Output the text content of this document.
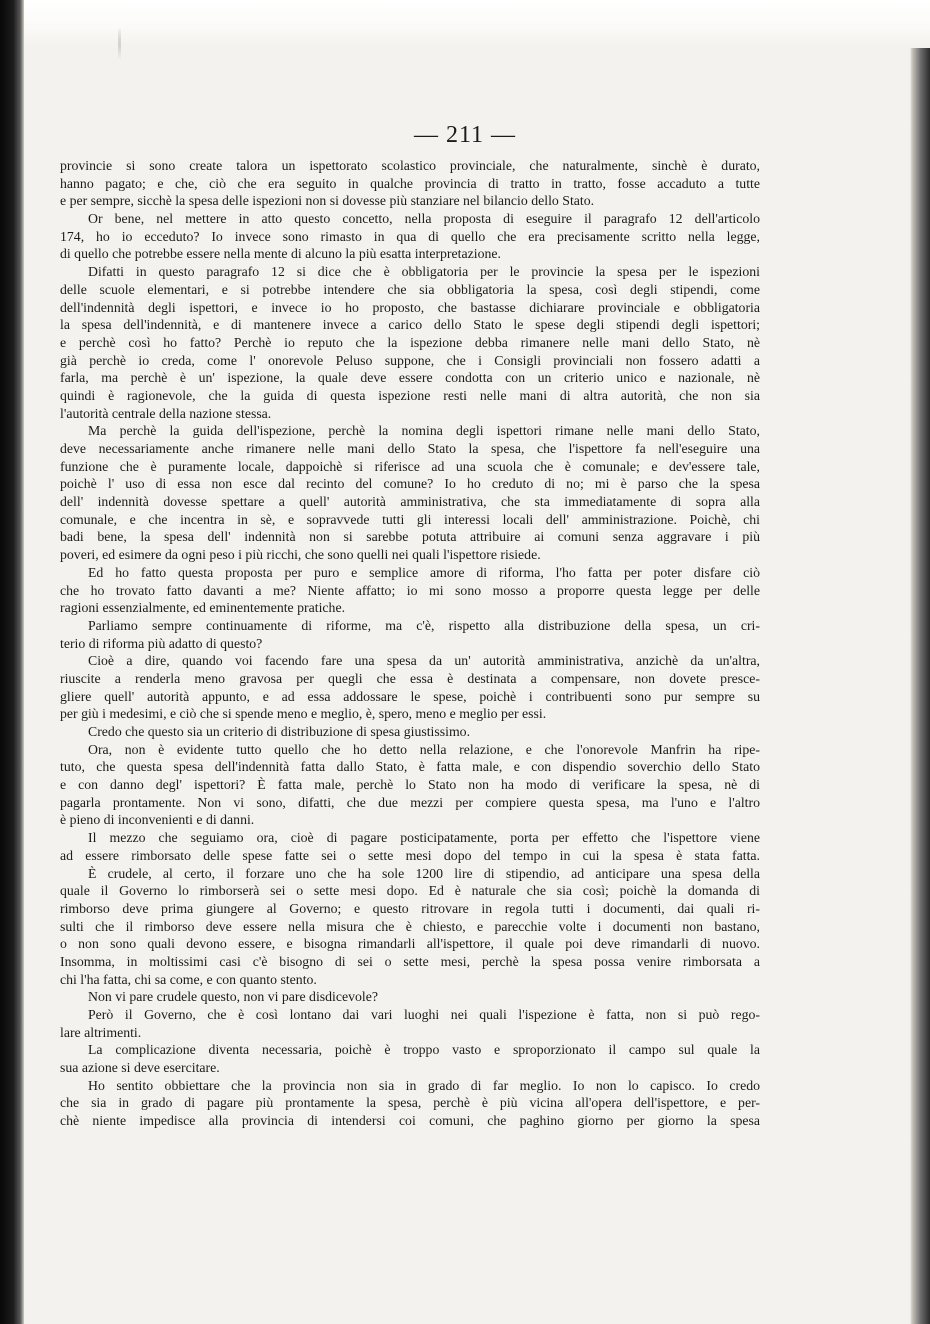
— 211 —
provincie si sono create talora un ispettorato scolastico provinciale, che naturalmente, sinchè è durato,
hanno pagato; e che, ciò che era seguito in qualche provincia di tratto in tratto, fosse accaduto a tutte
e per sempre, sicchè la spesa delle ispezioni non si dovesse più stanziare nel bilancio dello Stato.
Or bene, nel mettere in atto questo concetto, nella proposta di eseguire il paragrafo 12 dell'articolo
174, ho io ecceduto? Io invece sono rimasto in qua di quello che era precisamente scritto nella legge,
di quello che potrebbe essere nella mente di alcuno la più esatta interpretazione.
Difatti in questo paragrafo 12 si dice che è obbligatoria per le provincie la spesa per le ispezioni
delle scuole elementari, e si potrebbe intendere che sia obbligatoria la spesa, così degli stipendi, come
dell'indennità degli ispettori, e invece io ho proposto, che bastasse dichiarare provinciale e obbligatoria
la spesa dell'indennità, e di mantenere invece a carico dello Stato le spese degli stipendi degli ispettori;
e perchè così ho fatto? Perchè io reputo che la ispezione debba rimanere nelle mani dello Stato, nè
già perchè io creda, come l' onorevole Peluso suppone, che i Consigli provinciali non fossero adatti a
farla, ma perchè è un' ispezione, la quale deve essere condotta con un criterio unico e nazionale, nè
quindi è ragionevole, che la guida di questa ispezione resti nelle mani di altra autorità, che non sia
l'autorità centrale della nazione stessa.
Ma perchè la guida dell'ispezione, perchè la nomina degli ispettori rimane nelle mani dello Stato,
deve necessariamente anche rimanere nelle mani dello Stato la spesa, che l'ispettore fa nell'eseguire una
funzione che è puramente locale, dappoichè si riferisce ad una scuola che è comunale; e dev'essere tale,
poichè l' uso di essa non esce dal recinto del comune? Io ho creduto di no; mi è parso che la spesa
dell' indennità dovesse spettare a quell' autorità amministrativa, che sta immediatamente di sopra alla
comunale, e che incentra in sè, e sopravvede tutti gli interessi locali dell' amministrazione. Poichè, chi
badi bene, la spesa dell' indennità non si sarebbe potuta attribuire ai comuni senza aggravare i più
poveri, ed esimere da ogni peso i più ricchi, che sono quelli nei quali l'ispettore risiede.
Ed ho fatto questa proposta per puro e semplice amore di riforma, l'ho fatta per poter disfare ciò
che ho trovato fatto davanti a me? Niente affatto; io mi sono mosso a proporre questa legge per delle
ragioni essenzialmente, ed eminentemente pratiche.
Parliamo sempre continuamente di riforme, ma c'è, rispetto alla distribuzione della spesa, un cri-
terio di riforma più adatto di questo?
Cioè a dire, quando voi facendo fare una spesa da un' autorità amministrativa, anzichè da un'altra,
riuscite a renderla meno gravosa per quegli che essa è destinata a compensare, non dovete presce-
gliere quell' autorità appunto, e ad essa addossare le spese, poichè i contribuenti sono pur sempre su
per giù i medesimi, e ciò che si spende meno e meglio, è, spero, meno e meglio per essi.
Credo che questo sia un criterio di distribuzione di spesa giustissimo.
Ora, non è evidente tutto quello che ho detto nella relazione, e che l'onorevole Manfrin ha ripe-
tuto, che questa spesa dell'indennità fatta dallo Stato, è fatta male, e con dispendio soverchio dello Stato
e con danno degl' ispettori? È fatta male, perchè lo Stato non ha modo di verificare la spesa, nè di
pagarla prontamente. Non vi sono, difatti, che due mezzi per compiere questa spesa, ma l'uno e l'altro
è pieno di inconvenienti e di danni.
Il mezzo che seguiamo ora, cioè di pagare posticipatamente, porta per effetto che l'ispettore viene
ad essere rimborsato delle spese fatte sei o sette mesi dopo del tempo in cui la spesa è stata fatta.
È crudele, al certo, il forzare uno che ha sole 1200 lire di stipendio, ad anticipare una spesa della
quale il Governo lo rimborserà sei o sette mesi dopo. Ed è naturale che sia così; poichè la domanda di
rimborso deve prima giungere al Governo; e questo ritrovare in regola tutti i documenti, dai quali ri-
sulti che il rimborso deve essere nella misura che è chiesto, e parecchie volte i documenti non bastano,
o non sono quali devono essere, e bisogna rimandarli all'ispettore, il quale poi deve rimandarli di nuovo.
Insomma, in moltissimi casi c'è bisogno di sei o sette mesi, perchè la spesa possa venire rimborsata a
chi l'ha fatta, chi sa come, e con quanto stento.
Non vi pare crudele questo, non vi pare disdicevole?
Però il Governo, che è così lontano dai vari luoghi nei quali l'ispezione è fatta, non si può rego-
lare altrimenti.
La complicazione diventa necessaria, poichè è troppo vasto e sproporzionato il campo sul quale la
sua azione si deve esercitare.
Ho sentito obbiettare che la provincia non sia in grado di far meglio. Io non lo capisco. Io credo
che sia in grado di pagare più prontamente la spesa, perchè è più vicina all'opera dell'ispettore, e per-
chè niente impedisce alla provincia di intendersi coi comuni, che paghino giorno per giorno la spesa
